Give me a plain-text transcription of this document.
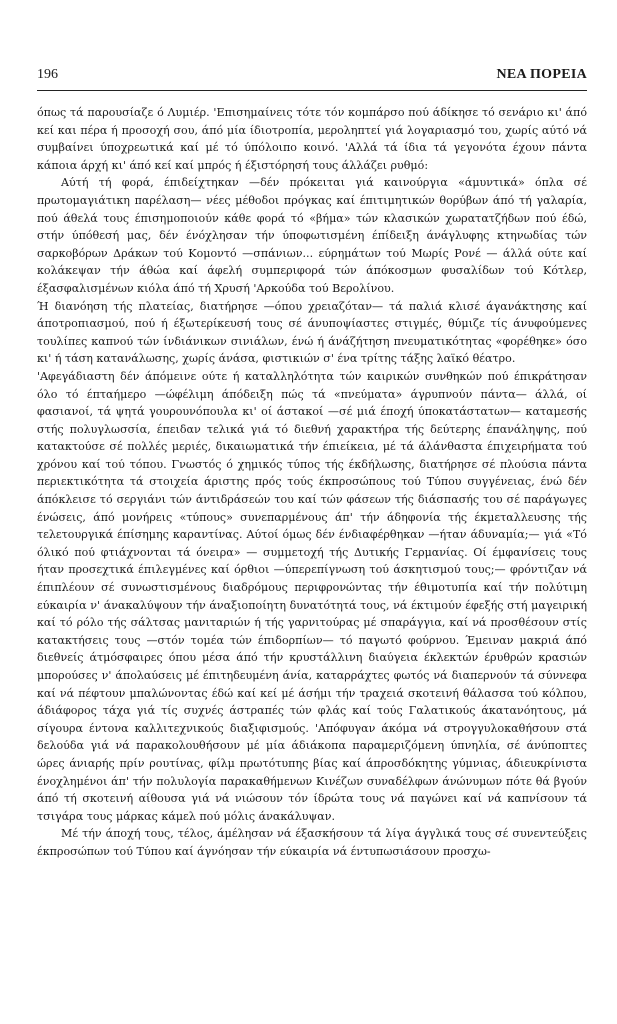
196	ΝΕΑ ΠΟΡΕΙΑ

όπως τά παρουσίαζε ό Λυμιέρ. 'Επισημαίνεις τότε τόν κομπάρσο πού άδίκησε τό σενάριο κι' άπό κεί και πέρα ή προσοχή σου, άπό μία ίδιοτροπία, μεροληπτεί γιά λογαριασμό του, χωρίς αύτό νά συμβαίνει ύποχρεωτικά καί μέ τό ύπόλοιπο κοινό. 'Αλλά τά ίδια τά γεγονότα έχουν πάντα κάποια άρχή κι' άπό κεί καί μπρός ή έξιστόρησή τους άλλάζει ρυθμό:

Αύτή τή φορά, έπιδείχτηκαν —δέν πρόκειται γιά καινούργια «άμυντικά» όπλα σέ πρωτομαγιάτικη παρέλαση— νέες μέθοδοι πρόγκας καί έπιτιμητικών θορύβων άπό τή γαλαρία, πού άθελά τους έπισημοποιούν κάθε φορά τό «βήμα» τών κλασικών χωρατατζήδων πού έδώ, στήν ύπόθεσή μας, δέν ένόχλησαν τήν ύποφωτισμένη έπίδειξη άνάγλυφης κτηνωδίας τών σαρκοβόρων Δράκων τού Κομοντό —σπάνιων... εύρημάτων τού Μωρίς Ρονέ — άλλά ούτε καί κολάκεψαν τήν άθώα καί άφελή συμπεριφορά τών άπόκοσμων φυσαλίδων τού Κότλερ, έξασφαλισμένων κιόλα άπό τή Χρυσή 'Αρκούδα τού Βερολίνου.

Ή διανόηση τής πλατείας, διατήρησε —όπου χρειαζόταν— τά παλιά κλισέ άγανάκτησης καί άποτροπιασμού, πού ή έξωτερίκευσή τους σέ άνυποψίαστες στιγμές, θύμιζε τίς άνυφούμενες τουλίπες καπνού τών ίνδιάνικων σινιάλων, ένώ ή άνάζήτηση πνευματικότητας «φορέθηκε» όσο κι' ή τάση κατανάλωσης, χωρίς άνάσα, φιστικιών σ' ένα τρίτης τάξης λαϊκό θέατρο.

'Αφεγάδιαστη δέν άπόμεινε ούτε ή καταλληλότητα τών καιρικών συνθηκών πού έπικράτησαν όλο τό έπταήμερο —ώφέλιμη άπόδειξη πώς τά «πνεύματα» άγρυπνούν πάντα— άλλά, οί φασιανοί, τά ψητά γουρουνόπουλα κι' οί άστακοί —σέ μιά έποχή ύποκατάστατων— καταμεσής στής πολυγλωσσία, έπειδαν τελικά γιά τό διεθνή χαρακτήρα τής δεύτερης έπανάληψης, πού κατακτούσε σέ πολλές μεριές, δικαιωματικά τήν έπιείκεια, μέ τά άλάνθαστα έπιχειρήματα τού χρόνου καί τού τόπου. Γνωστός ό χημικός τύπος τής έκδήλωσης, διατήρησε σέ πλούσια πάντα περιεκτικότητα τά στοιχεία άριστης πρός τούς έκπροσώπους τού Τύπου συγγένειας, ένώ δέν άπόκλεισε τό σεργιάνι τών άντιδράσεών του καί τών φάσεων τής διάσπασής του σέ παράγωγες ένώσεις, άπό μονήρεις «τύπους» συνεπαρμένους άπ' τήν άδηφονία τής έκμεταλλευσης τής τελετουργικά έπίσημης καραντίνας. Αύτοί όμως δέν ένδιαφέρθηκαν —ήταν άδυναμία;— γιά «Τό όλικό πού φτιάχνονται τά όνειρα» — συμμετοχή τής Δυτικής Γερμανίας. Οί έμφανίσεις τους ήταν προσεχτικά έπιλεγμένες καί όρθιοι —ύπερεπίγνωση τού άσκητισμού τους;— φρόντιζαν νά έπιπλέουν σέ συνωστισμένους διαδρόμους περιφρονώντας τήν έθιμοτυπία καί τήν πολύτιμη εύκαιρία ν' άνακαλύψουν τήν άναξιοποίητη δυνατότητά τους, νά έκτιμούν έφεξής στή μαγειρική καί τό ρόλο τής σάλτσας μανιταριών ή τής γαρνιτούρας μέ σπαράγγια, καί νά προσθέσουν στίς κατακτήσεις τους —στόν τομέα τών έπιδορπίων— τό παγωτό φούρνου. Έμειναν μακριά άπό διεθνείς άτμόσφαιρες όπου μέσα άπό τήν κρυστάλλινη διαύγεια έκλεκτών έρυθρών κρασιών μπορούσες ν' άπολαύσεις μέ έπιτηδευμένη άνία, καταρράχτες φωτός νά διαπερνούν τά σύννεφα καί νά πέφτουν μπαλώνοντας έδώ καί κεί μέ άσήμι τήν τραχειά σκοτεινή θάλασσα τού κόλπου, άδιάφορος τάχα γιά τίς συχνές άστραπές τών φλάς καί τούς Γαλατικούς άκατανόητους, μά σίγουρα έντονα καλλιτεχνικούς διαξιφισμούς. 'Απόφυγαν άκόμα νά στρογγυλοκαθήσουν στά δελούδα γιά νά παρακολουθήσουν μέ μία άδιάκοπα παραμεριζόμενη ύπνηλία, σέ άνύποπτες ώρες άνιαρής πρίν ρουτίνας, φίλμ πρωτότυπης βίας καί άπροσδόκητης γύμνιας, άδιευκρίνιστα ένοχλημένοι άπ' τήν πολυλογία παρακαθήμενων Κινέζων συναδέλφων άνώνυμων πότε θά βγούν άπό τή σκοτεινή αίθουσα γιά νά νιώσουν τόν ίδρώτα τους νά παγώνει καί νά καπνίσουν τά τσιγάρα τους μάρκας κάμελ πού μόλις άνακάλυψαν.

Μέ τήν άποχή τους, τέλος, άμέλησαν νά έξασκήσουν τά λίγα άγγλικά τους σέ συνεντεύξεις έκπροσώπων τού Τύπου καί άγνόησαν τήν εύκαιρία νά έντυπωσιάσουν προσχω-
